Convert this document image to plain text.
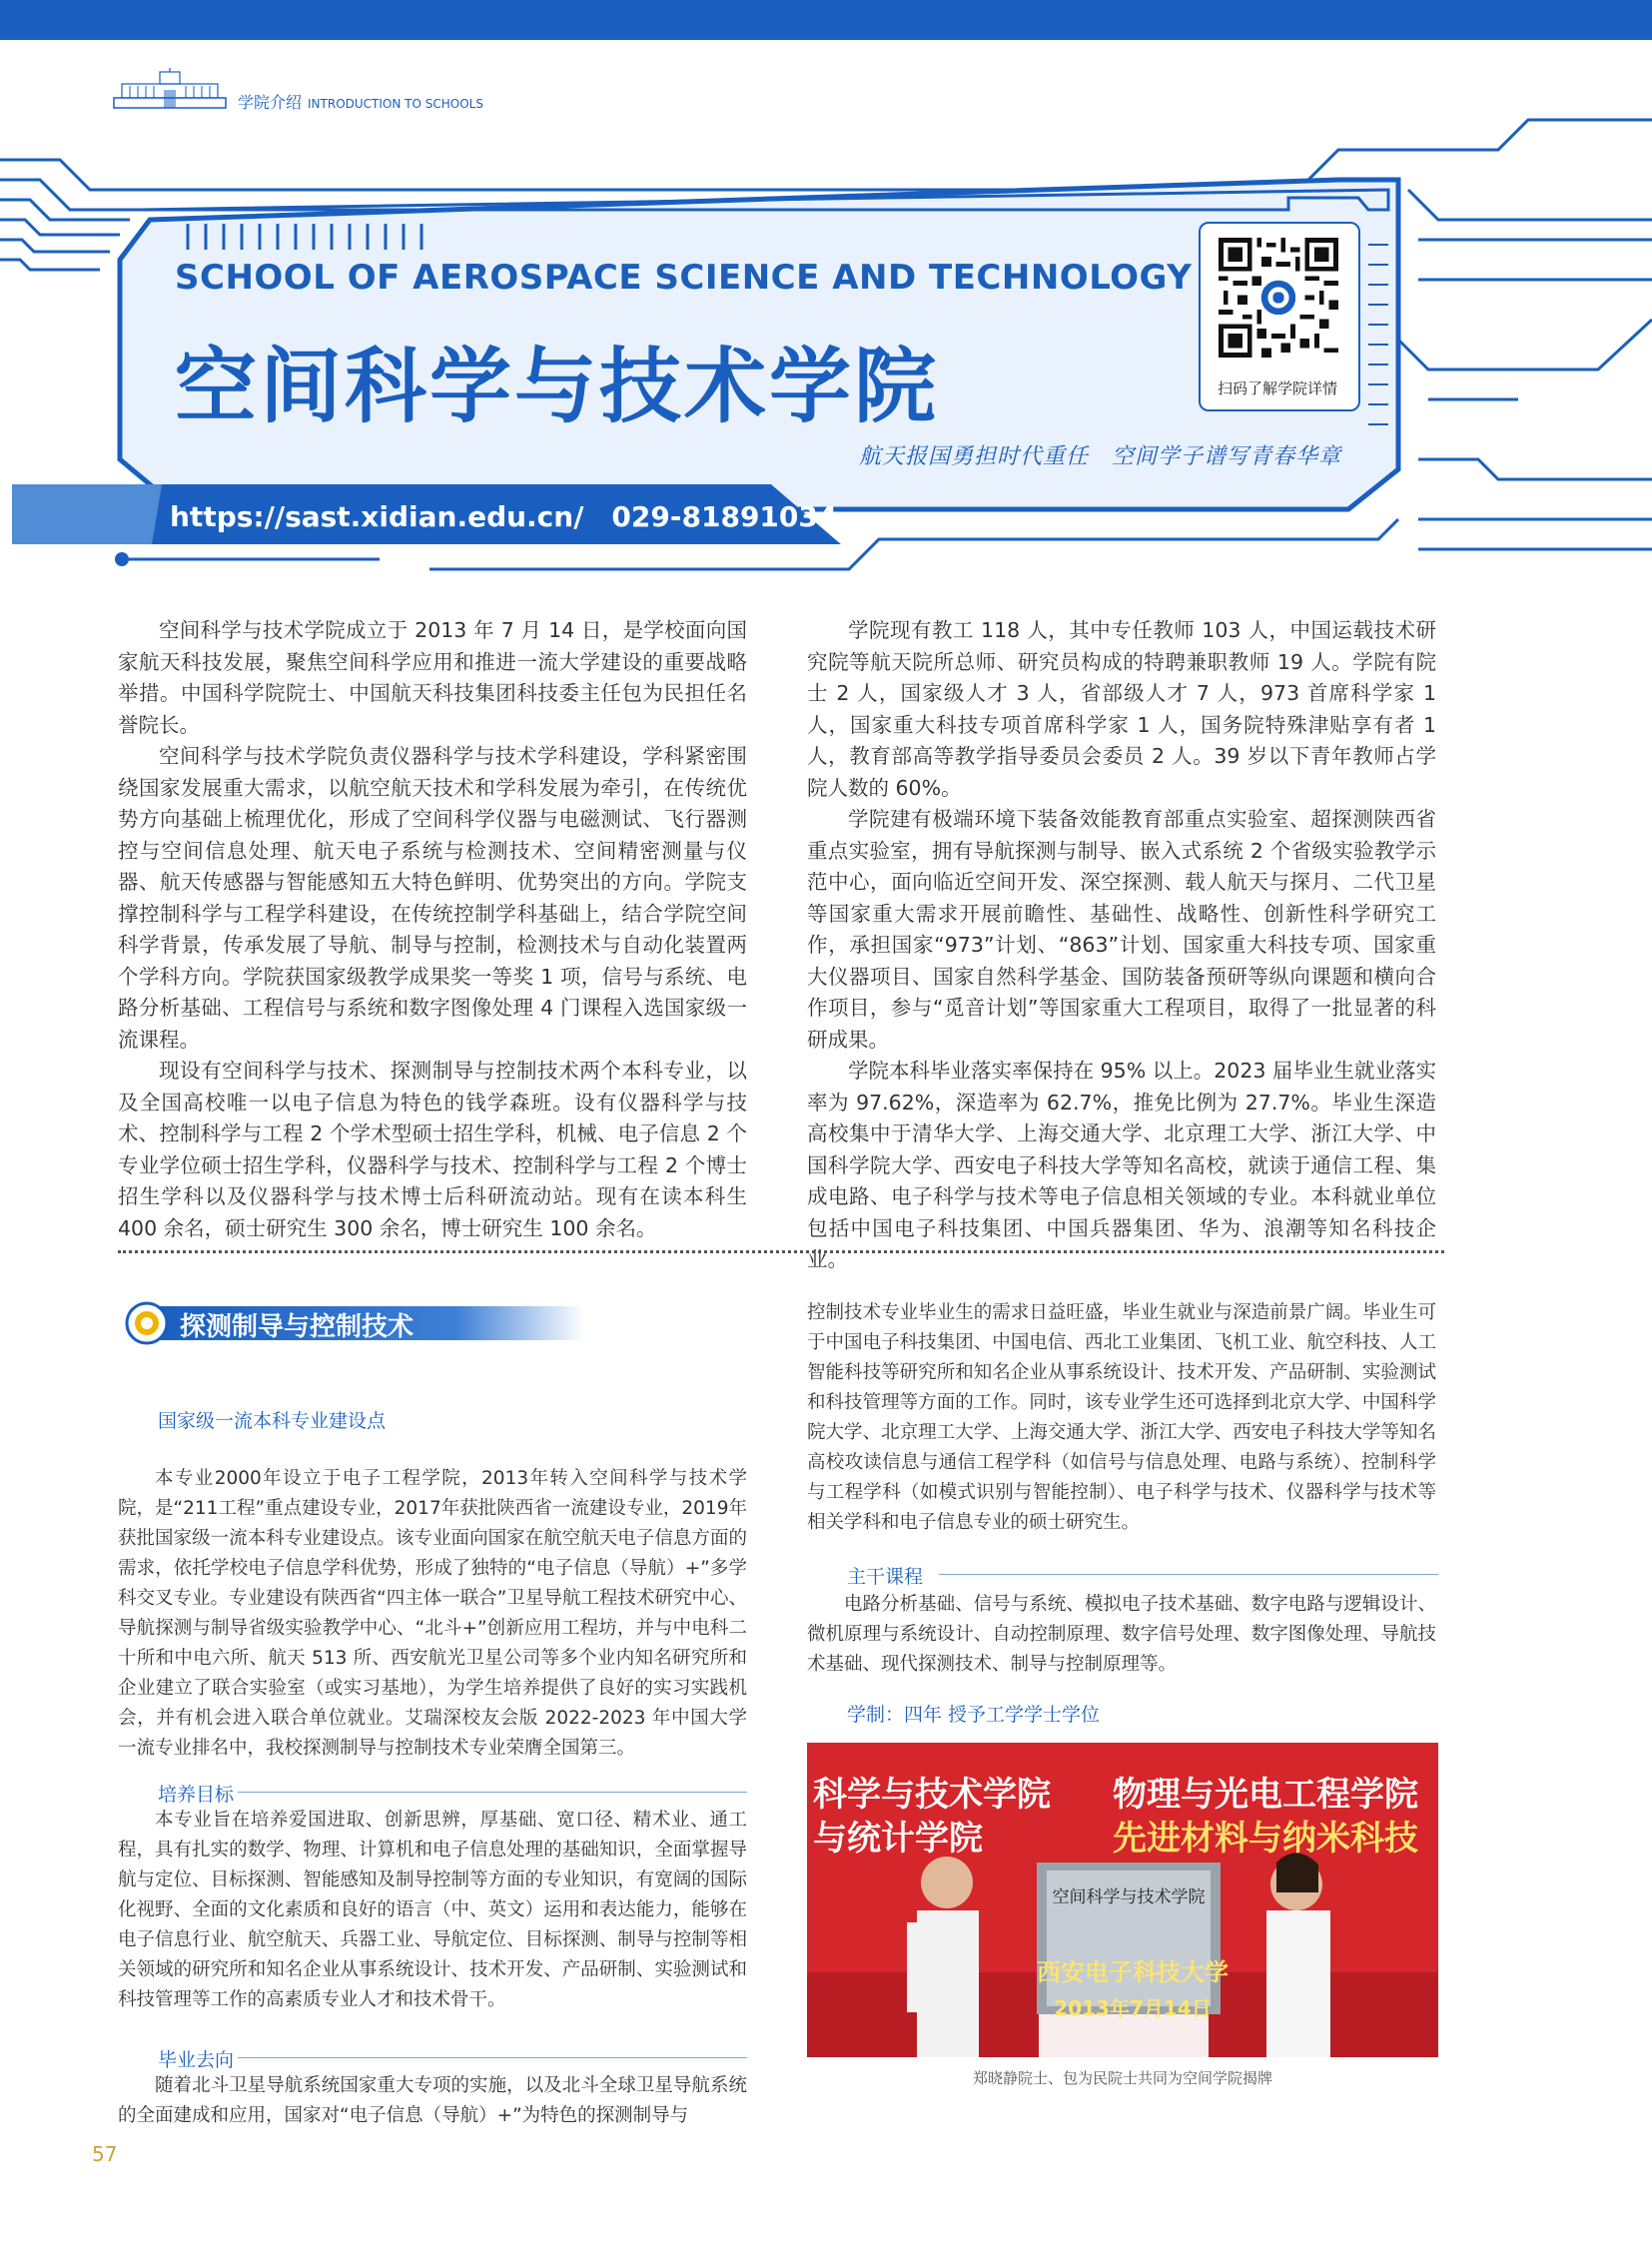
学院介绍 INTRODUCTION TO SCHOOLS
SCHOOL OF AEROSPACE SCIENCE AND TECHNOLOGY
空间科学与技术学院	扫码了解学院详情
航天报国勇担时代重任　空间学子谱写青春华章
https://sast.xidian.edu.cn/　029-81891034

空间科学与技术学院成立于 2013 年 7 月 14 日，是学校面向国家航天科技发展，聚焦空间科学应用和推进一流大学建设的重要战略举措。中国科学院院士、中国航天科技集团科技委主任包为民担任名誉院长。

空间科学与技术学院负责仪器科学与技术学科建设，学科紧密围绕国家发展重大需求，以航空航天技术和学科发展为牵引，在传统优势方向基础上梳理优化，形成了空间科学仪器与电磁测试、飞行器测控与空间信息处理、航天电子系统与检测技术、空间精密测量与仪器、航天传感器与智能感知五大特色鲜明、优势突出的方向。学院支撑控制科学与工程学科建设，在传统控制学科基础上，结合学院空间科学背景，传承发展了导航、制导与控制，检测技术与自动化装置两个学科方向。学院获国家级教学成果奖一等奖 1 项，信号与系统、电路分析基础、工程信号与系统和数字图像处理 4 门课程入选国家级一流课程。

现设有空间科学与技术、探测制导与控制技术两个本科专业，以及全国高校唯一以电子信息为特色的钱学森班。设有仪器科学与技术、控制科学与工程 2 个学术型硕士招生学科，机械、电子信息 2 个专业学位硕士招生学科，仪器科学与技术、控制科学与工程 2 个博士招生学科以及仪器科学与技术博士后科研流动站。现有在读本科生 400 余名，硕士研究生 300 余名，博士研究生 100 余名。

学院现有教工 118 人，其中专任教师 103 人，中国运载技术研究院等航天院所总师、研究员构成的特聘兼职教师 19 人。学院有院士 2 人，国家级人才 3 人，省部级人才 7 人，973 首席科学家 1 人，国家重大科技专项首席科学家 1 人，国务院特殊津贴享有者 1 人，教育部高等教学指导委员会委员 2 人。39 岁以下青年教师占学院人数的 60%。

学院建有极端环境下装备效能教育部重点实验室、超探测陕西省重点实验室，拥有导航探测与制导、嵌入式系统 2 个省级实验教学示范中心，面向临近空间开发、深空探测、载人航天与探月、二代卫星等国家重大需求开展前瞻性、基础性、战略性、创新性科学研究工作，承担国家“973”计划、“863”计划、国家重大科技专项、国家重大仪器项目、国家自然科学基金、国防装备预研等纵向课题和横向合作项目，参与“觅音计划”等国家重大工程项目，取得了一批显著的科研成果。

学院本科毕业落实率保持在 95% 以上。2023 届毕业生就业落实率为 97.62%，深造率为 62.7%，推免比例为 27.7%。毕业生深造高校集中于清华大学、上海交通大学、北京理工大学、浙江大学、中国科学院大学、西安电子科技大学等知名高校，就读于通信工程、集成电路、电子科学与技术等电子信息相关领域的专业。本科就业单位包括中国电子科技集团、中国兵器集团、华为、浪潮等知名科技企业。

探测制导与控制技术
国家级一流本科专业建设点

本专业2000年设立于电子工程学院，2013年转入空间科学与技术学院，是“211工程”重点建设专业，2017年获批陕西省一流建设专业，2019年获批国家级一流本科专业建设点。该专业面向国家在航空航天电子信息方面的需求，依托学校电子信息学科优势，形成了独特的“电子信息（导航）+”多学科交叉专业。专业建设有陕西省“四主体一联合”卫星导航工程技术研究中心、导航探测与制导省级实验教学中心、“北斗+”创新应用工程坊，并与中电科二十所和中电六所、航天 513 所、西安航光卫星公司等多个业内知名研究所和企业建立了联合实验室（或实习基地），为学生培养提供了良好的实习实践机会，并有机会进入联合单位就业。艾瑞深校友会版 2022-2023 年中国大学一流专业排名中，我校探测制导与控制技术专业荣膺全国第三。

培养目标

本专业旨在培养爱国进取、创新思辨，厚基础、宽口径、精术业、通工程，具有扎实的数学、物理、计算机和电子信息处理的基础知识，全面掌握导航与定位、目标探测、智能感知及制导控制等方面的专业知识，有宽阔的国际化视野、全面的文化素质和良好的语言（中、英文）运用和表达能力，能够在电子信息行业、航空航天、兵器工业、导航定位、目标探测、制导与控制等相关领域的研究所和知名企业从事系统设计、技术开发、产品研制、实验测试和科技管理等工作的高素质专业人才和技术骨干。

毕业去向

随着北斗卫星导航系统国家重大专项的实施，以及北斗全球卫星导航系统的全面建成和应用，国家对“电子信息（导航）+”为特色的探测制导与

控制技术专业毕业生的需求日益旺盛，毕业生就业与深造前景广阔。毕业生可于中国电子科技集团、中国电信、西北工业集团、飞机工业、航空科技、人工智能科技等研究所和知名企业从事系统设计、技术开发、产品研制、实验测试和科技管理等方面的工作。同时，该专业学生还可选择到北京大学、中国科学院大学、北京理工大学、上海交通大学、浙江大学、西安电子科技大学等知名高校攻读信息与通信工程学科（如信号与信息处理、电路与系统）、控制科学与工程学科（如模式识别与智能控制）、电子科学与技术、仪器科学与技术等相关学科和电子信息专业的硕士研究生。

主干课程

电路分析基础、信号与系统、模拟电子技术基础、数字电路与逻辑设计、微机原理与系统设计、自动控制原理、数字信号处理、数字图像处理、导航技术基础、现代探测技术、制导与控制原理等。

学制：四年 授予工学学士学位
科学与技术学院
与统计学院
物理与光电工程学院
先进材料与纳米科技
空间科学与技术学院
西安电子科技大学
2013年7月14日
郑晓静院士、包为民院士共同为空间学院揭牌
57
